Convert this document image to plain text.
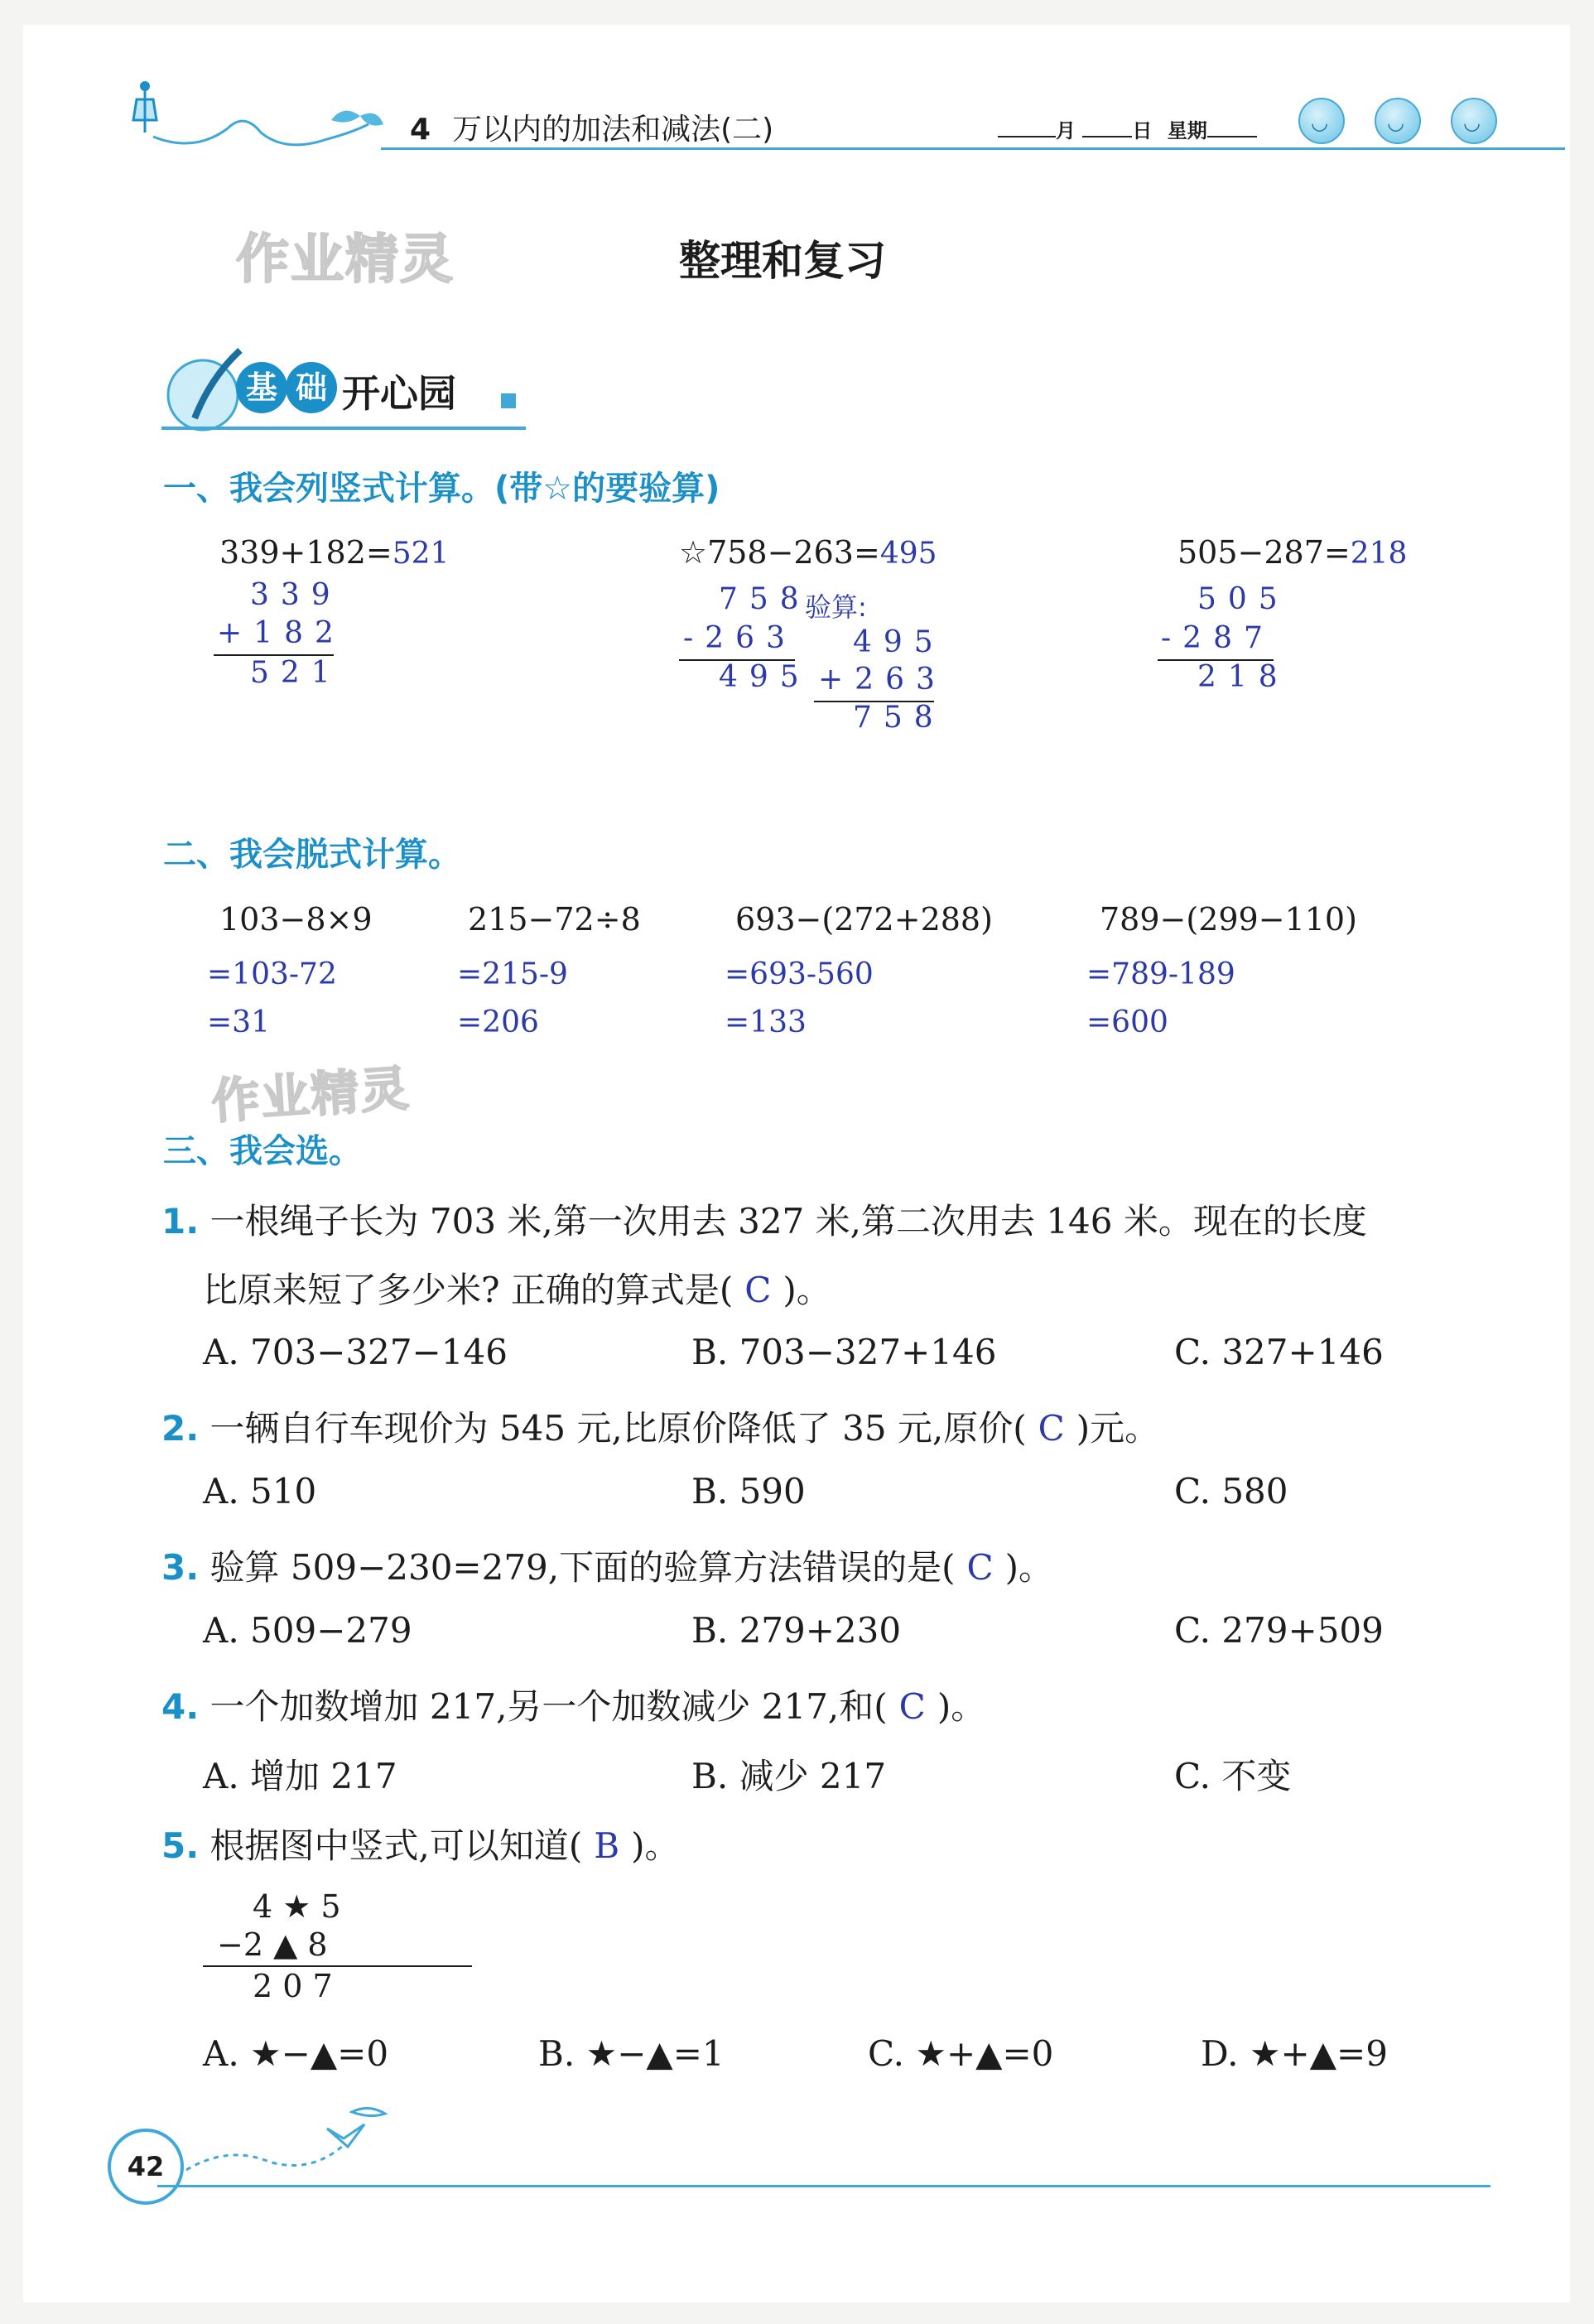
4 万以内的加法和减法(二)	月	日 星期
◡
◡
◡
作业精灵
作业精灵
整理和复习
基 础 开心园
一、我会列竖式计算。(带☆的要验算)
339+182=521
339
+182
521
☆758−263=495
758
验算:
-263
495
495
+263
758
505−287=218
505
-287
218
二、我会脱式计算。
103−8×9
=103-72
=31
215−72÷8
=215-9
=206
693−(272+288)
=693-560
=133
789−(299−110)
=789-189
=600
三、我会选。
1. 一根绳子长为 703 米,第一次用去 327 米,第二次用去 146 米。现在的长度
比原来短了多少米? 正确的算式是( C )。
A. 703−327−146	B. 703−327+146	C. 327+146
2. 一辆自行车现价为 545 元,比原价降低了 35 元,原价( C )元。
A. 510	B. 590	C. 580
3. 验算 509−230=279,下面的验算方法错误的是( C )。
A. 509−279	B. 279+230	C. 279+509
4. 一个加数增加 217,另一个加数减少 217,和( C )。
A. 增加 217	B. 减少 217	C. 不变
5. 根据图中竖式,可以知道( B )。
4 ★ 5
−2 ▲ 8
2 0 7
A. ★−▲=0	B. ★−▲=1	C. ★+▲=0	D. ★+▲=9
42
